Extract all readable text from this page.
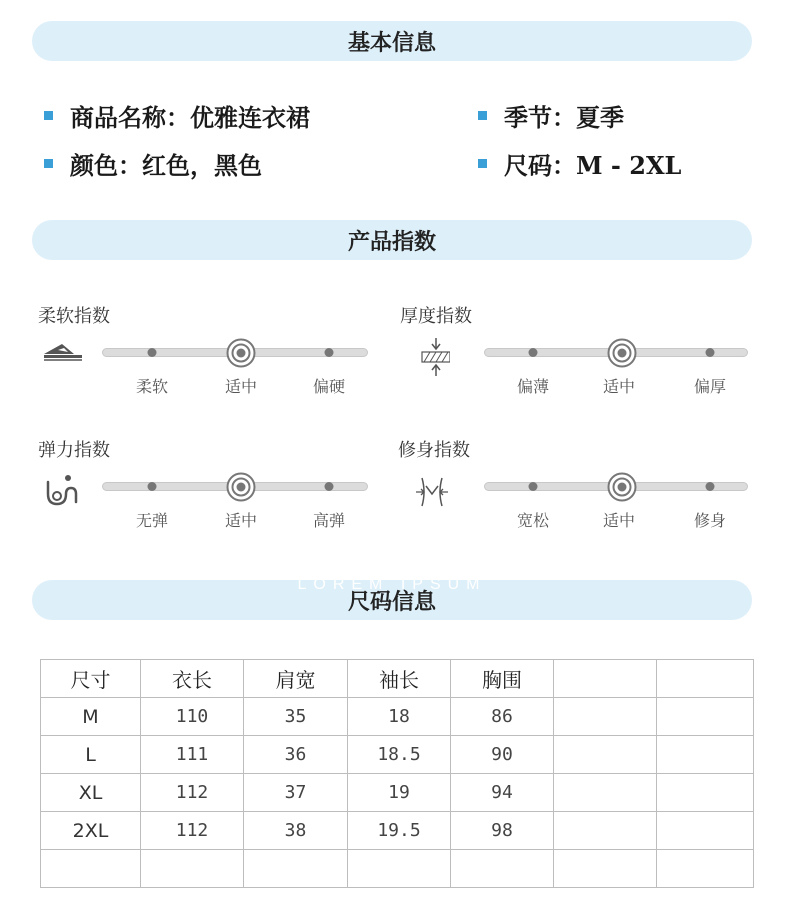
基本信息
商品名称：优雅连衣裙	季节：夏季
颜色：红色，黑色	尺码：M - 2XL
产品指数
柔软指数
柔软	适中	偏硬
厚度指数
偏薄	适中	偏厚
弹力指数
无弹	适中	高弹
修身指数
宽松	适中	修身
LOREM IPSUM
尺码信息
尺寸	衣长	肩宽	袖长	胸围		
M	110	35	18	86		
L	111	36	18.5	90		
XL	112	37	19	94		
2XL	112	38	19.5	98		
